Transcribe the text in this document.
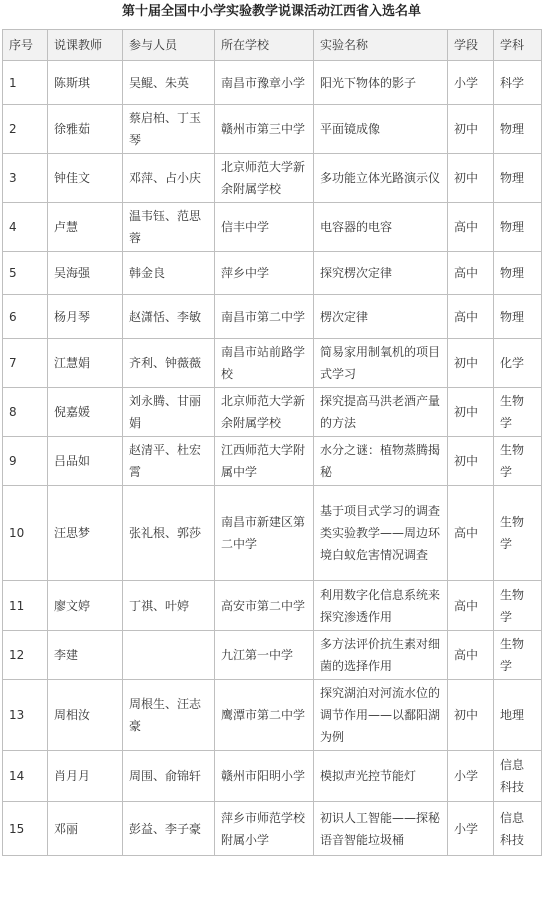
第十届全国中小学实验教学说课活动江西省入选名单
序号	说课教师	参与人员	所在学校	实验名称	学段	学科
1	陈斯琪	吴鲲、朱英	南昌市豫章小学	阳光下物体的影子	小学	科学
2	徐雅茹	蔡启柏、丁玉琴	赣州市第三中学	平面镜成像	初中	物理
3	钟佳文	邓萍、占小庆	北京师范大学新余附属学校	多功能立体光路演示仪	初中	物理
4	卢慧	温韦钰、范思蓉	信丰中学	电容器的电容	高中	物理
5	吴海强	韩金良	萍乡中学	探究楞次定律	高中	物理
6	杨月琴	赵潇恬、李敏	南昌市第二中学	楞次定律	高中	物理
7	江慧娟	齐利、钟薇薇	南昌市站前路学校	简易家用制氧机的项目式学习	初中	化学
8	倪嘉媛	刘永腾、甘丽娟	北京师范大学新余附属学校	探究提高马洪老酒产量的方法	初中	生物学
9	吕品如	赵清平、杜宏霄	江西师范大学附属中学	水分之谜：植物蒸腾揭秘	初中	生物学
10	汪思梦	张礼根、郭莎	南昌市新建区第二中学	基于项目式学习的调查类实验教学——周边环境白蚁危害情况调查	高中	生物学
11	廖文婷	丁祺、叶婷	高安市第二中学	利用数字化信息系统来探究渗透作用	高中	生物学
12	李建		九江第一中学	多方法评价抗生素对细菌的选择作用	高中	生物学
13	周相汝	周根生、汪志豪	鹰潭市第二中学	探究湖泊对河流水位的调节作用——以鄱阳湖为例	初中	地理
14	肖月月	周围、俞锦轩	赣州市阳明小学	模拟声光控节能灯	小学	信息科技
15	邓丽	彭益、李子豪	萍乡市师范学校附属小学	初识人工智能——探秘语音智能垃圾桶	小学	信息科技
